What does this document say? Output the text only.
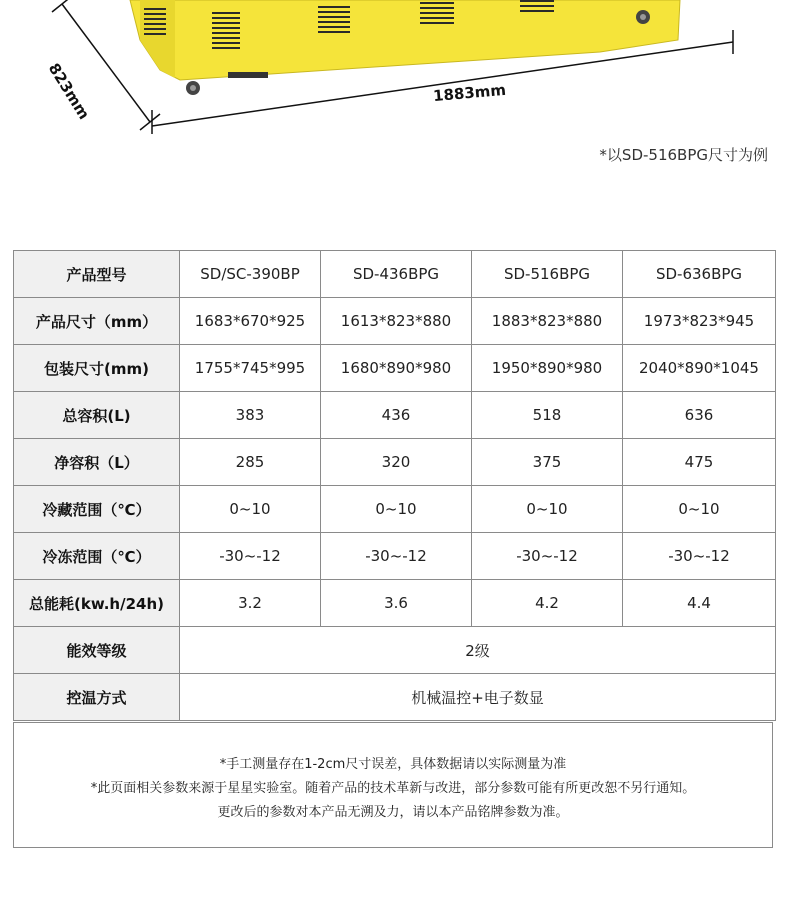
1883mm
823mm
*以SD-516BPG尺寸为例
产品型号	SD/SC-390BP	SD-436BPG	SD-516BPG	SD-636BPG
产品尺寸（mm）	1683*670*925	1613*823*880	1883*823*880	1973*823*945
包装尺寸(mm)	1755*745*995	1680*890*980	1950*890*980	2040*890*1045
总容积(L)	383	436	518	636
净容积（L）	285	320	375	475
冷藏范围（℃）	0~10	0~10	0~10	0~10
冷冻范围（℃）	-30~-12	-30~-12	-30~-12	-30~-12
总能耗(kw.h/24h)	3.2	3.6	4.2	4.4
能效等级	2级			
控温方式	机械温控+电子数显			
*手工测量存在1-2cm尺寸误差，具体数据请以实际测量为准
*此页面相关参数来源于星星实验室。随着产品的技术革新与改进，部分参数可能有所更改恕不另行通知。
更改后的参数对本产品无溯及力，请以本产品铭牌参数为准。
